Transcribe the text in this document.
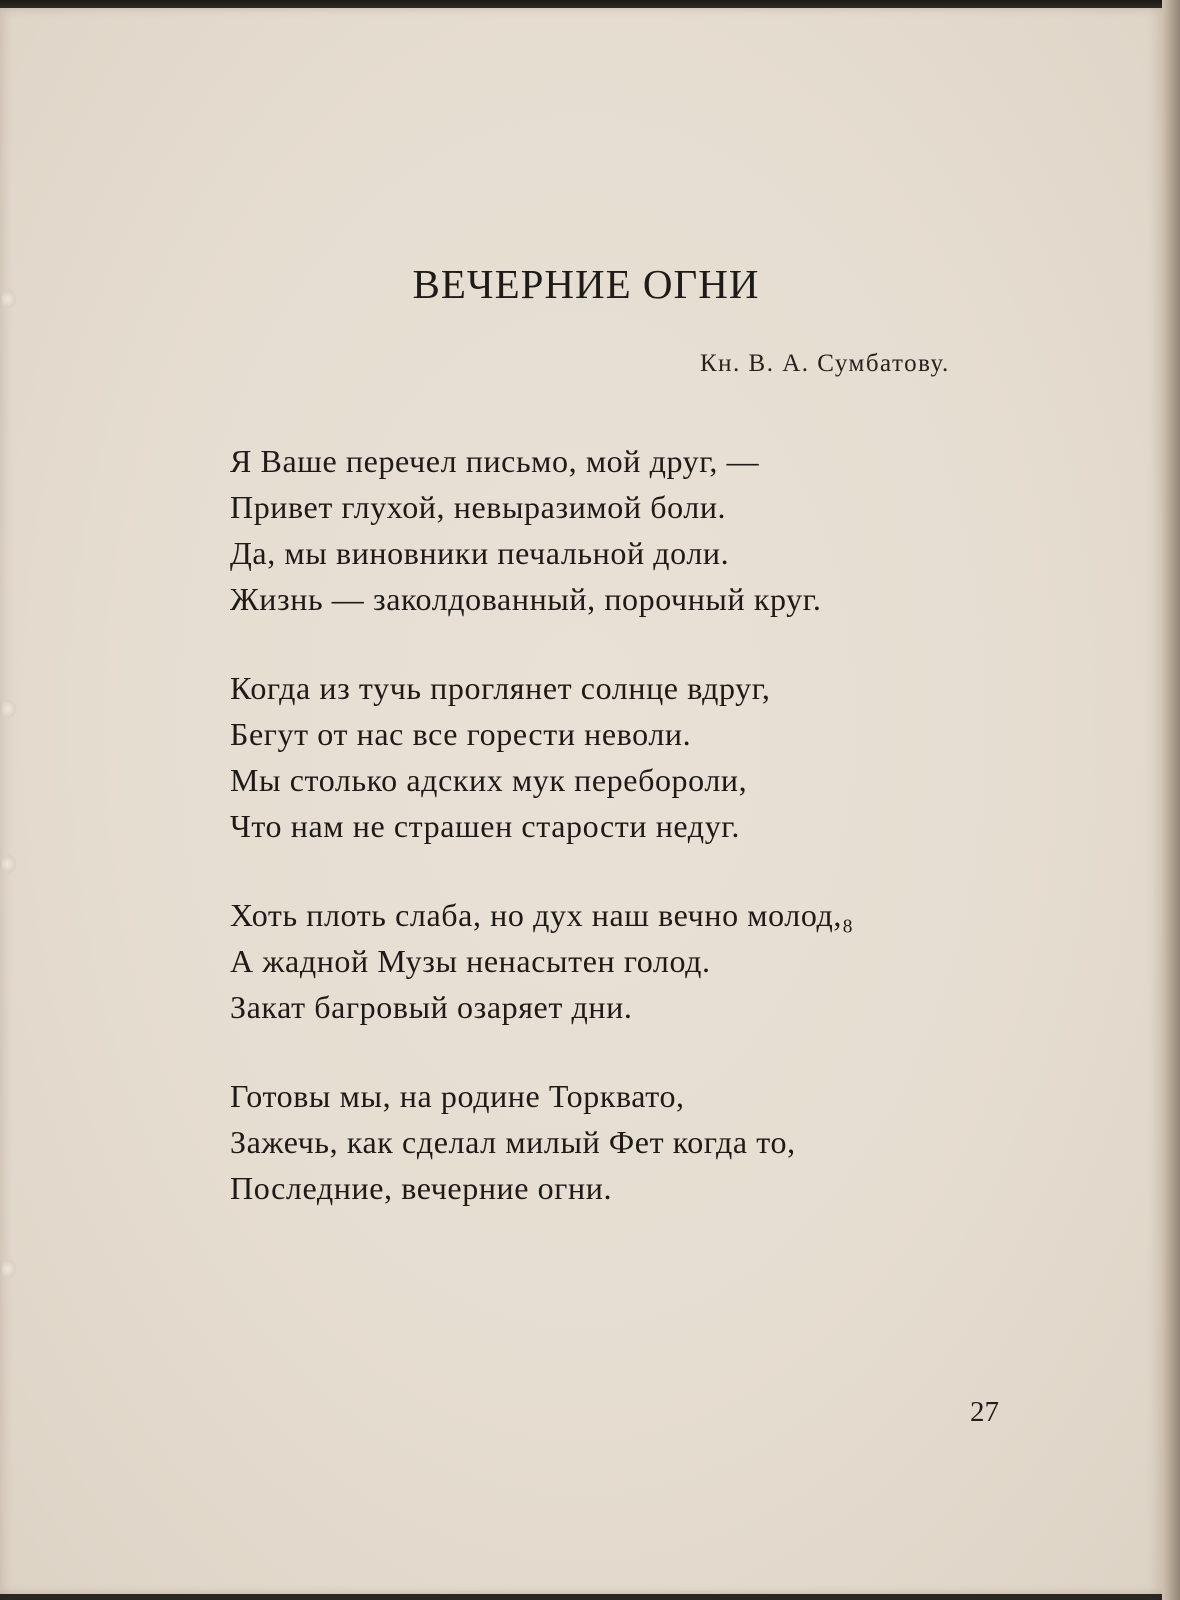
ВЕЧЕРНИЕ ОГНИ
Кн. В. А. Сумбатову.
Я Ваше перечел письмо, мой друг, —
Привет глухой, невыразимой боли.
Да, мы виновники печальной доли.
Жизнь — заколдованный, порочный круг.
Когда из тучь проглянет солнце вдруг,
Бегут от нас все горести неволи.
Мы столько адских мук перебороли,
Что нам не страшен старости недуг.
Хоть плоть слаба, но дух наш вечно молод,₈
А жадной Музы ненасытен голод.
Закат багровый озаряет дни.
Готовы мы, на родине Торквато,
Зажечь, как сделал милый Фет когда то,
Последние, вечерние огни.
27
